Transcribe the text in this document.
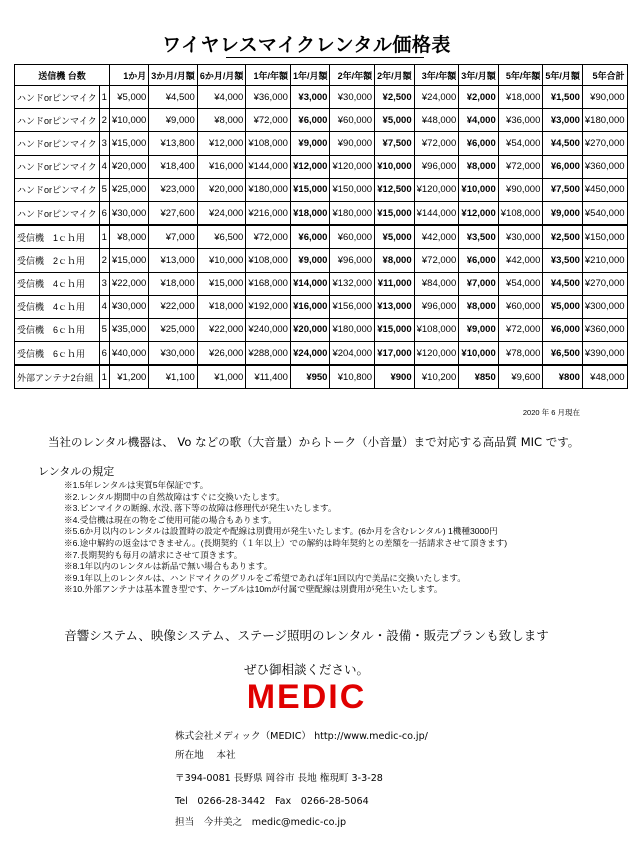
ワイヤレスマイクレンタル価格表
送信機 台数		1か月	3か月/月額	6か月/月額	1年/年額	1年/月額	2年/年額	2年/月額	3年/年額	3年/月額	5年/年額	5年/月額	5年合計
ハンドorピンマイク	1	¥5,000	¥4,500	¥4,000	¥36,000	¥3,000	¥30,000	¥2,500	¥24,000	¥2,000	¥18,000	¥1,500	¥90,000
ハンドorピンマイク	2	¥10,000	¥9,000	¥8,000	¥72,000	¥6,000	¥60,000	¥5,000	¥48,000	¥4,000	¥36,000	¥3,000	¥180,000
ハンドorピンマイク	3	¥15,000	¥13,800	¥12,000	¥108,000	¥9,000	¥90,000	¥7,500	¥72,000	¥6,000	¥54,000	¥4,500	¥270,000
ハンドorピンマイク	4	¥20,000	¥18,400	¥16,000	¥144,000	¥12,000	¥120,000	¥10,000	¥96,000	¥8,000	¥72,000	¥6,000	¥360,000
ハンドorピンマイク	5	¥25,000	¥23,000	¥20,000	¥180,000	¥15,000	¥150,000	¥12,500	¥120,000	¥10,000	¥90,000	¥7,500	¥450,000
ハンドorピンマイク	6	¥30,000	¥27,600	¥24,000	¥216,000	¥18,000	¥180,000	¥15,000	¥144,000	¥12,000	¥108,000	¥9,000	¥540,000
受信機　1ｃｈ用	1	¥8,000	¥7,000	¥6,500	¥72,000	¥6,000	¥60,000	¥5,000	¥42,000	¥3,500	¥30,000	¥2,500	¥150,000
受信機　2ｃｈ用	2	¥15,000	¥13,000	¥10,000	¥108,000	¥9,000	¥96,000	¥8,000	¥72,000	¥6,000	¥42,000	¥3,500	¥210,000
受信機　4ｃｈ用	3	¥22,000	¥18,000	¥15,000	¥168,000	¥14,000	¥132,000	¥11,000	¥84,000	¥7,000	¥54,000	¥4,500	¥270,000
受信機　4ｃｈ用	4	¥30,000	¥22,000	¥18,000	¥192,000	¥16,000	¥156,000	¥13,000	¥96,000	¥8,000	¥60,000	¥5,000	¥300,000
受信機　6ｃｈ用	5	¥35,000	¥25,000	¥22,000	¥240,000	¥20,000	¥180,000	¥15,000	¥108,000	¥9,000	¥72,000	¥6,000	¥360,000
受信機　6ｃｈ用	6	¥40,000	¥30,000	¥26,000	¥288,000	¥24,000	¥204,000	¥17,000	¥120,000	¥10,000	¥78,000	¥6,500	¥390,000
外部アンテナ2台組	1	¥1,200	¥1,100	¥1,000	¥11,400	¥950	¥10,800	¥900	¥10,200	¥850	¥9,600	¥800	¥48,000
2020 年 6 月現在
当社のレンタル機器は、 Vo などの歌（大音量）からトーク（小音量）まで対応する高品質 MIC です。
レンタルの規定
※1.5年レンタルは実質5年保証です。
※2.レンタル期間中の自然故障はすぐに交換いたします。
※3.ピンマイクの断線､水没､落下等の故障は修理代が発生いたします。
※4.受信機は現在の物をご使用可能の場合もあります。
※5.6か月以内のレンタルは設置時の設定や配線は別費用が発生いたします。(6か月を含むレンタル) 1機種3000円
※6.途中解約の返金はできません。(長期契約（１年以上）での解約は時年契約との差額を一括請求させて頂きます)
※7.長期契約も毎月の請求にさせて頂きます。
※8.1年以内のレンタルは新品で無い場合もあります。
※9.1年以上のレンタルは、ハンドマイクのグリルをご希望であれば年1回以内で美品に交換いたします。
※10.外部アンテナは基本置き型です、ケーブルは10mが付属で壁配線は別費用が発生いたします。
音響システム、映像システム、ステージ照明のレンタル・設備・販売プランも致します
ぜひ御相談ください。
MEDIC
株式会社メディック（MEDIC） http://www.medic-co.jp/
所在地　 本社
〒394‐0081 長野県 岡谷市 長地 権現町 3‐3‐28
Tel　0266‐28‐3442　Fax　0266‐28‐5064
担当　今井美之　medic@medic-co.jp
